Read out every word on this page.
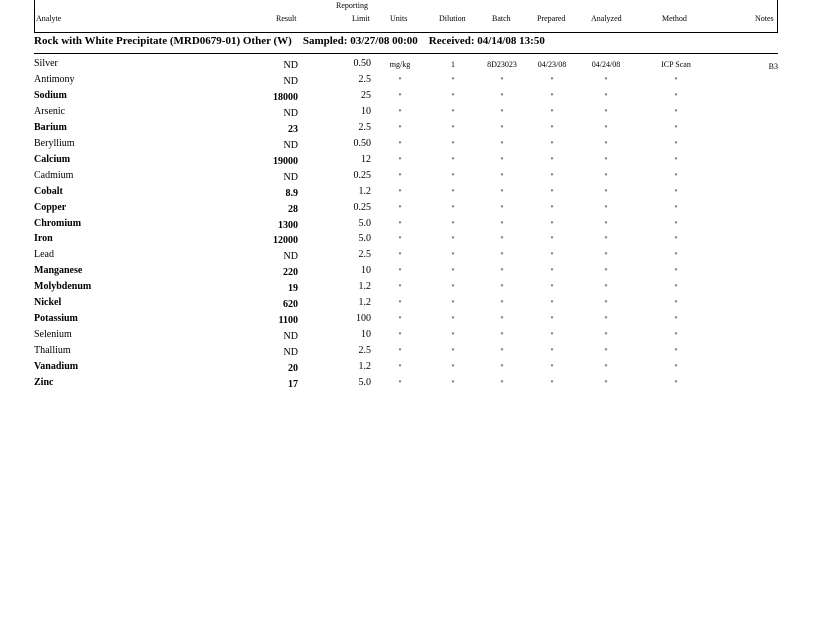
Analyte	Result
Reporting
Limit	Units	Dilution	Batch	Prepared	Analyzed	Method	Notes
Rock with White Precipitate (MRD0679-01) Other (W) Sampled: 03/27/08 00:00 Received: 04/14/08 13:50
Silver	ND	0.50	mg/kg	1	8D23023	04/23/08	04/24/08	ICP Scan	B3
Antimony	ND	2.5	"	"	"	"	"	"
Sodium	18000	25	"	"	"	"	"	"
Arsenic	ND	10	"	"	"	"	"	"
Barium	23	2.5	"	"	"	"	"	"
Beryllium	ND	0.50	"	"	"	"	"	"
Calcium	19000	12	"	"	"	"	"	"
Cadmium	ND	0.25	"	"	"	"	"	"
Cobalt	8.9	1.2	"	"	"	"	"	"
Copper	28	0.25	"	"	"	"	"	"
Chromium	1300	5.0	"	"	"	"	"	"
Iron	12000	5.0	"	"	"	"	"	"
Lead	ND	2.5	"	"	"	"	"	"
Manganese	220	10	"	"	"	"	"	"
Molybdenum	19	1.2	"	"	"	"	"	"
Nickel	620	1.2	"	"	"	"	"	"
Potassium	1100	100	"	"	"	"	"	"
Selenium	ND	10	"	"	"	"	"	"
Thallium	ND	2.5	"	"	"	"	"	"
Vanadium	20	1.2	"	"	"	"	"	"
Zinc	17	5.0	"	"	"	"	"	"
